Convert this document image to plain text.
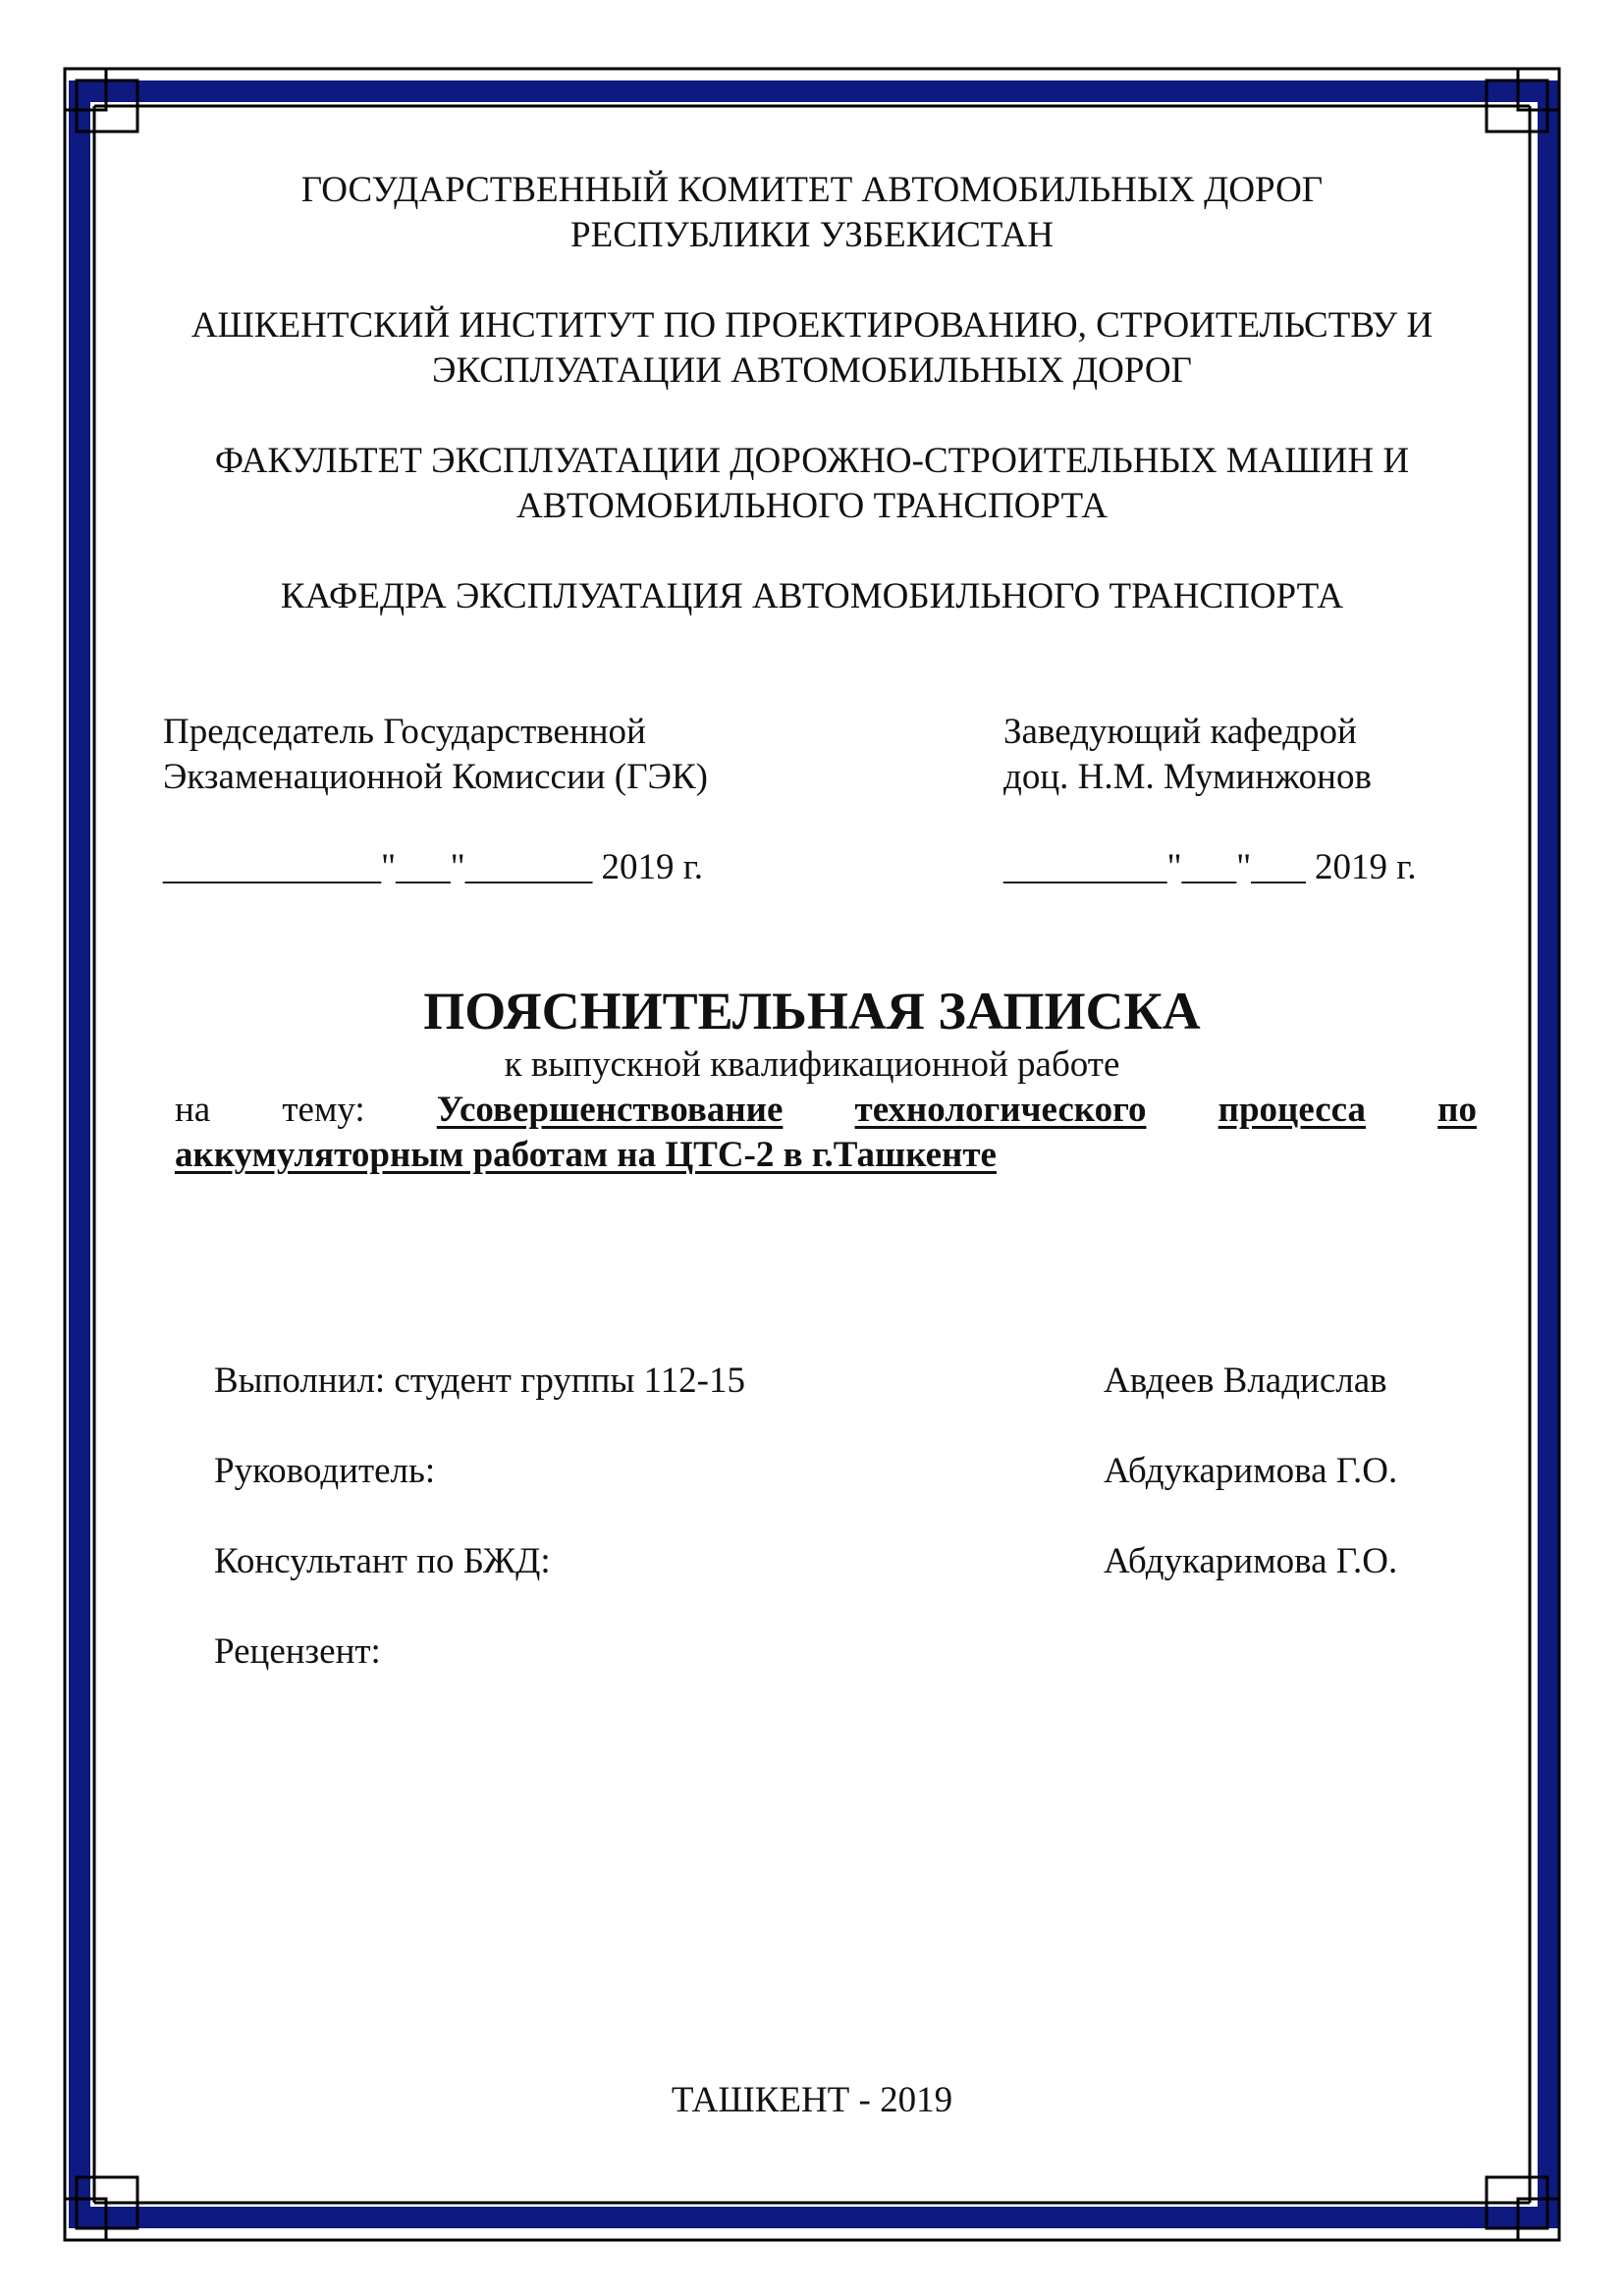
ГОСУДАРСТВЕННЫЙ КОМИТЕТ АВТОМОБИЛЬНЫХ ДОРОГ
РЕСПУБЛИКИ УЗБЕКИСТАН
АШКЕНТСКИЙ ИНСТИТУТ ПО ПРОЕКТИРОВАНИЮ, СТРОИТЕЛЬСТВУ И
ЭКСПЛУАТАЦИИ АВТОМОБИЛЬНЫХ ДОРОГ
ФАКУЛЬТЕТ ЭКСПЛУАТАЦИИ ДОРОЖНО-СТРОИТЕЛЬНЫХ МАШИН И
АВТОМОБИЛЬНОГО ТРАНСПОРТА
КАФЕДРА ЭКСПЛУАТАЦИЯ АВТОМОБИЛЬНОГО ТРАНСПОРТА
Председатель Государственной
Экзаменационной Комиссии (ГЭК)
____________"___"_______ 2019 г.
Заведующий кафедрой
доц. Н.М. Муминжонов
_________"___"___ 2019 г.
ПОЯСНИТЕЛЬНАЯ ЗАПИСКА
к выпускной квалификационной работе
на тему: Усовершенствование технологического процесса по
аккумуляторным работам на ЦТС-2 в г.Ташкенте
Выполнил: студент группы 112-15	Авдеев Владислав
Руководитель:	Абдукаримова Г.О.
Консультант по БЖД:	Абдукаримова Г.О.
Рецензент:
ТАШКЕНТ - 2019
